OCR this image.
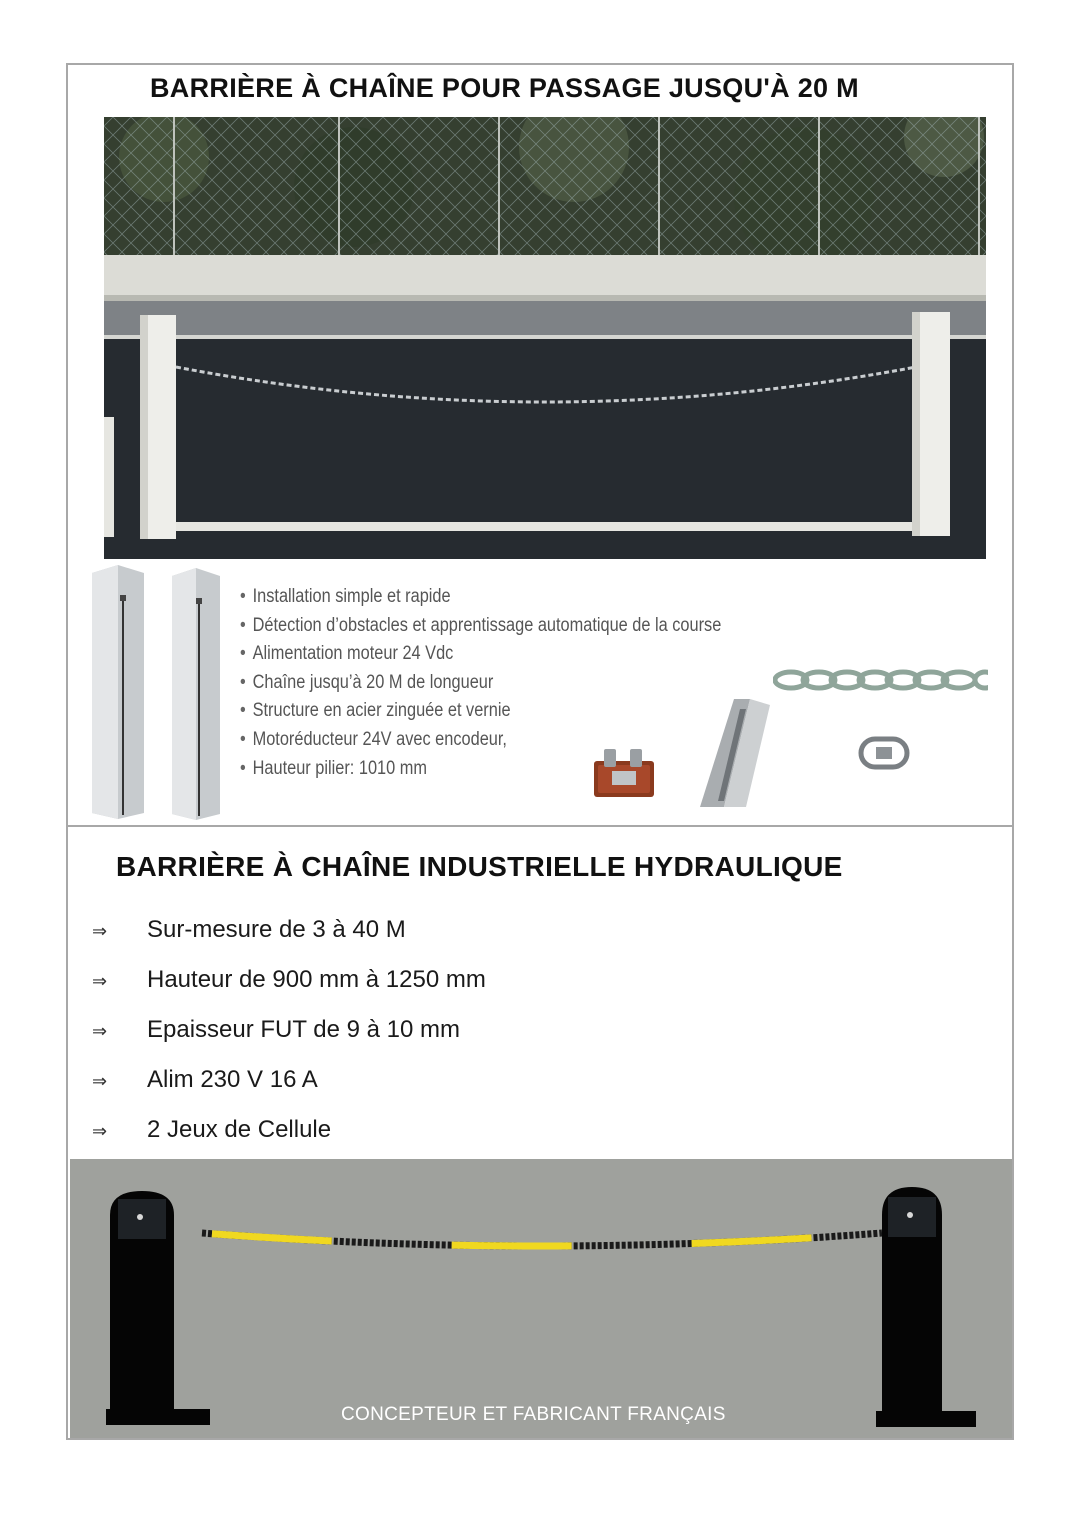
BARRIÈRE À CHAÎNE POUR PASSAGE JUSQU'À 20 M
• Installation simple et rapide
• Détection d’obstacles et apprentissage automatique de la course
• Alimentation moteur 24 Vdc
• Chaîne jusqu’à 20 M de longueur
• Structure en acier zinguée et vernie
• Motoréducteur 24V avec encodeur,
• Hauteur pilier: 1010 mm
BARRIÈRE À CHAÎNE INDUSTRIELLE HYDRAULIQUE
⇒ Sur-mesure de 3 à 40 M
⇒ Hauteur de 900 mm à 1250 mm
⇒ Epaisseur FUT de 9 à 10 mm
⇒ Alim 230 V 16 A
⇒ 2 Jeux de Cellule
CONCEPTEUR ET FABRICANT FRANÇAIS
